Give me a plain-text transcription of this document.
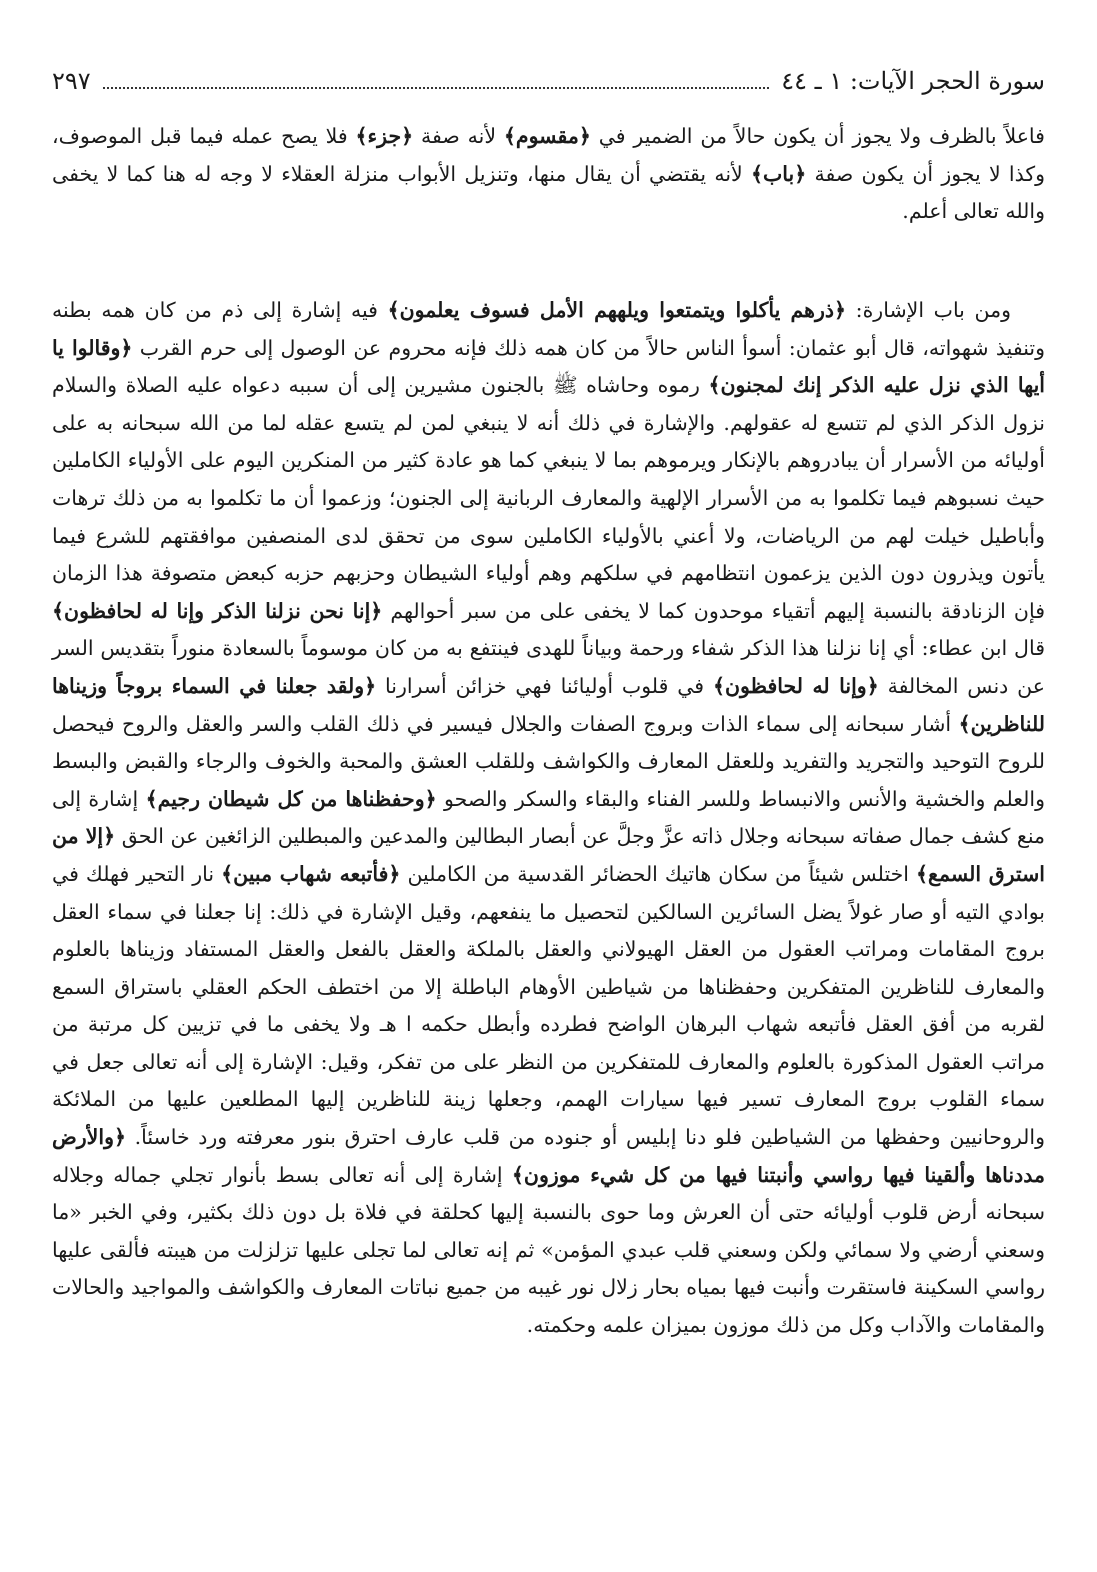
سورة الحجر الآيات: ١ ـ ٤٤
٢٩٧

فاعلاً بالظرف ولا يجوز أن يكون حالاً من الضمير في ﴿مقسوم﴾ لأنه صفة ﴿جزء﴾ فلا يصح عمله فيما قبل الموصوف، وكذا لا يجوز أن يكون صفة ﴿باب﴾ لأنه يقتضي أن يقال منها، وتنزيل الأبواب منزلة العقلاء لا وجه له هنا كما لا يخفى والله تعالى أعلم.

ومن باب الإشارة: ﴿ذرهم يأكلوا ويتمتعوا ويلههم الأمل فسوف يعلمون﴾ فيه إشارة إلى ذم من كان همه بطنه وتنفيذ شهواته، قال أبو عثمان: أسوأ الناس حالاً من كان همه ذلك فإنه محروم عن الوصول إلى حرم القرب ﴿وقالوا يا أيها الذي نزل عليه الذكر إنك لمجنون﴾ رموه وحاشاه ﷺ بالجنون مشيرين إلى أن سببه دعواه عليه الصلاة والسلام نزول الذكر الذي لم تتسع له عقولهم. والإشارة في ذلك أنه لا ينبغي لمن لم يتسع عقله لما من الله سبحانه به على أوليائه من الأسرار أن يبادروهم بالإنكار ويرموهم بما لا ينبغي كما هو عادة كثير من المنكرين اليوم على الأولياء الكاملين حيث نسبوهم فيما تكلموا به من الأسرار الإلهية والمعارف الربانية إلى الجنون؛ وزعموا أن ما تكلموا به من ذلك ترهات وأباطيل خيلت لهم من الرياضات، ولا أعني بالأولياء الكاملين سوى من تحقق لدى المنصفين موافقتهم للشرع فيما يأتون ويذرون دون الذين يزعمون انتظامهم في سلكهم وهم أولياء الشيطان وحزبهم حزبه كبعض متصوفة هذا الزمان فإن الزنادقة بالنسبة إليهم أتقياء موحدون كما لا يخفى على من سبر أحوالهم ﴿إنا نحن نزلنا الذكر وإنا له لحافظون﴾ قال ابن عطاء: أي إنا نزلنا هذا الذكر شفاء ورحمة وبياناً للهدى فينتفع به من كان موسوماً بالسعادة منوراً بتقديس السر عن دنس المخالفة ﴿وإنا له لحافظون﴾ في قلوب أوليائنا فهي خزائن أسرارنا ﴿ولقد جعلنا في السماء بروجاً وزيناها للناظرين﴾ أشار سبحانه إلى سماء الذات وبروج الصفات والجلال فيسير في ذلك القلب والسر والعقل والروح فيحصل للروح التوحيد والتجريد والتفريد وللعقل المعارف والكواشف وللقلب العشق والمحبة والخوف والرجاء والقبض والبسط والعلم والخشية والأنس والانبساط وللسر الفناء والبقاء والسكر والصحو ﴿وحفظناها من كل شيطان رجيم﴾ إشارة إلى منع كشف جمال صفاته سبحانه وجلال ذاته عزَّ وجلَّ عن أبصار البطالين والمدعين والمبطلين الزائغين عن الحق ﴿إلا من استرق السمع﴾ اختلس شيئاً من سكان هاتيك الحضائر القدسية من الكاملين ﴿فأتبعه شهاب مبين﴾ نار التحير فهلك في بوادي التيه أو صار غولاً يضل السائرين السالكين لتحصيل ما ينفعهم، وقيل الإشارة في ذلك: إنا جعلنا في سماء العقل بروج المقامات ومراتب العقول من العقل الهيولاني والعقل بالملكة والعقل بالفعل والعقل المستفاد وزيناها بالعلوم والمعارف للناظرين المتفكرين وحفظناها من شياطين الأوهام الباطلة إلا من اختطف الحكم العقلي باستراق السمع لقربه من أفق العقل فأتبعه شهاب البرهان الواضح فطرده وأبطل حكمه ا هـ ولا يخفى ما في تزيين كل مرتبة من مراتب العقول المذكورة بالعلوم والمعارف للمتفكرين من النظر على من تفكر، وقيل: الإشارة إلى أنه تعالى جعل في سماء القلوب بروج المعارف تسير فيها سيارات الهمم، وجعلها زينة للناظرين إليها المطلعين عليها من الملائكة والروحانيين وحفظها من الشياطين فلو دنا إبليس أو جنوده من قلب عارف احترق بنور معرفته ورد خاسئاً. ﴿والأرض مددناها وألقينا فيها رواسي وأنبتنا فيها من كل شيء موزون﴾ إشارة إلى أنه تعالى بسط بأنوار تجلي جماله وجلاله سبحانه أرض قلوب أوليائه حتى أن العرش وما حوى بالنسبة إليها كحلقة في فلاة بل دون ذلك بكثير، وفي الخبر «ما وسعني أرضي ولا سمائي ولكن وسعني قلب عبدي المؤمن» ثم إنه تعالى لما تجلى عليها تزلزلت من هيبته فألقى عليها رواسي السكينة فاستقرت وأنبت فيها بمياه بحار زلال نور غيبه من جميع نباتات المعارف والكواشف والمواجيد والحالات والمقامات والآداب وكل من ذلك موزون بميزان علمه وحكمته.
